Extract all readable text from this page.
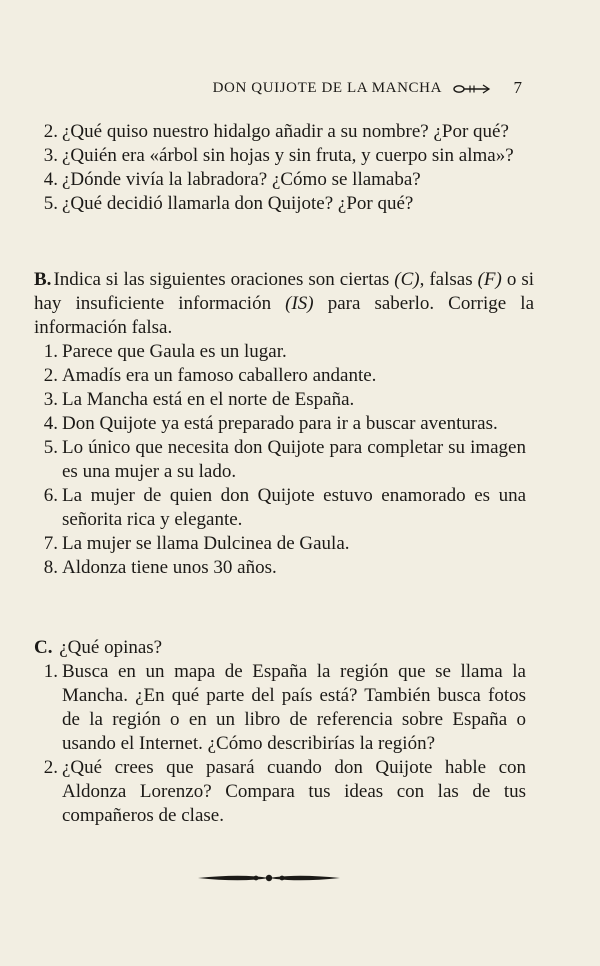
DON QUIJOTE DE LA MANCHA	7
2. ¿Qué quiso nuestro hidalgo añadir a su nombre? ¿Por qué?
3. ¿Quién era «árbol sin hojas y sin fruta, y cuerpo sin alma»?
4. ¿Dónde vivía la labradora? ¿Cómo se llamaba?
5. ¿Qué decidió llamarla don Quijote? ¿Por qué?
B. Indica si las siguientes oraciones son ciertas (C), falsas (F) o si hay insuficiente información (IS) para saberlo. Corrige la información falsa.
1. Parece que Gaula es un lugar.
2. Amadís era un famoso caballero andante.
3. La Mancha está en el norte de España.
4. Don Quijote ya está preparado para ir a buscar aventuras.
5. Lo único que necesita don Quijote para completar su imagen es una mujer a su lado.
6. La mujer de quien don Quijote estuvo enamorado es una señorita rica y elegante.
7. La mujer se llama Dulcinea de Gaula.
8. Aldonza tiene unos 30 años.
C. ¿Qué opinas?
1. Busca en un mapa de España la región que se llama la Mancha. ¿En qué parte del país está? También busca fotos de la región o en un libro de referencia sobre España o usando el Internet. ¿Cómo describirías la región?
2. ¿Qué crees que pasará cuando don Quijote hable con Aldonza Lorenzo? Compara tus ideas con las de tus compañeros de clase.
